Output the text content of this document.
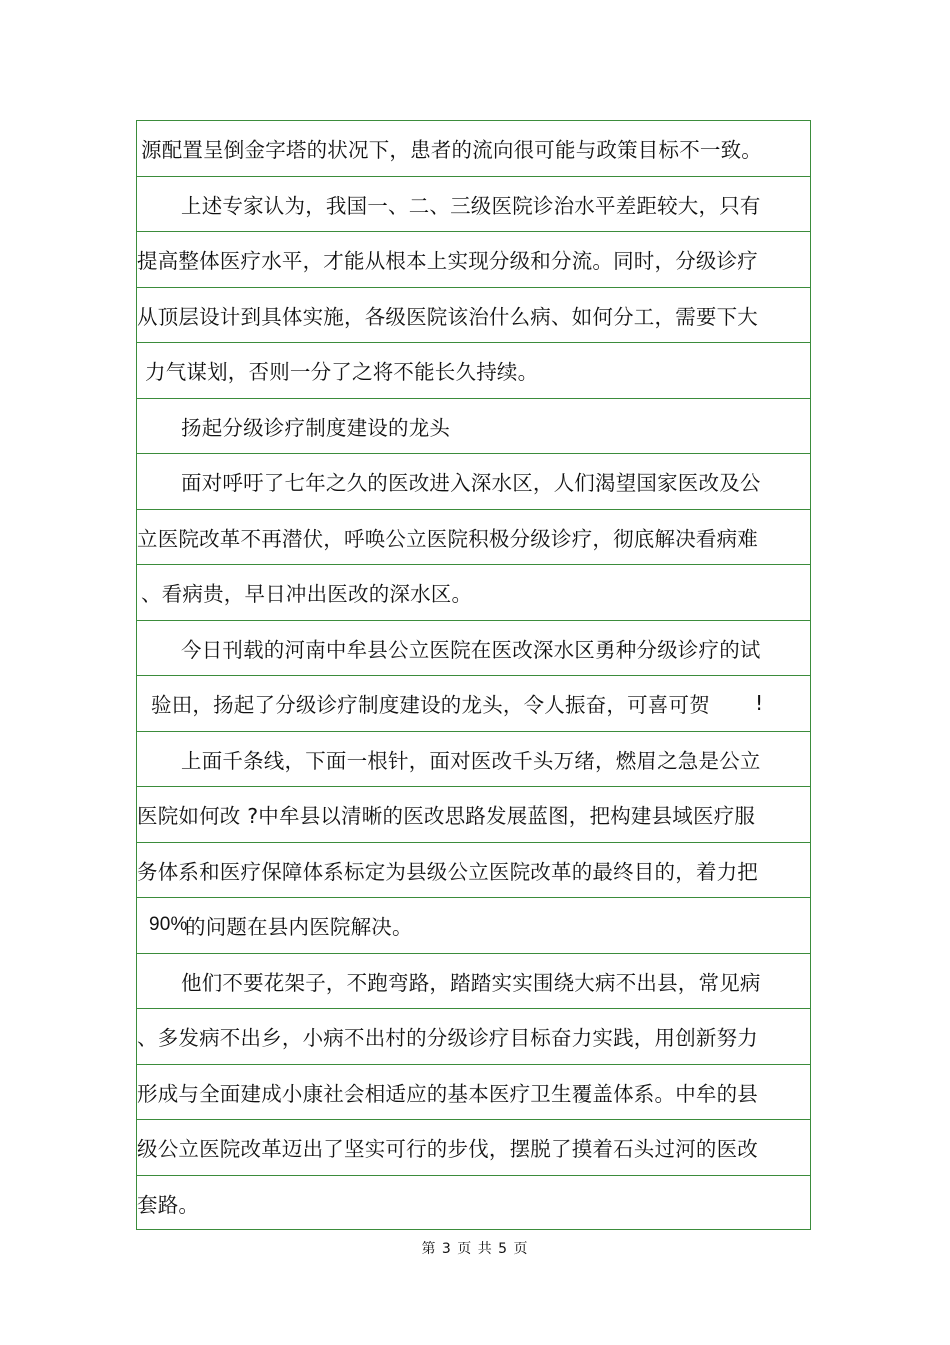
源配置呈倒金字塔的状况下，患者的流向很可能与政策目标不一致。
上述专家认为，我国一、二、三级医院诊治水平差距较大，只有
提高整体医疗水平，才能从根本上实现分级和分流。同时，分级诊疗
从顶层设计到具体实施，各级医院该治什么病、如何分工，需要下大
力气谋划，否则一分了之将不能长久持续。
扬起分级诊疗制度建设的龙头
面对呼吁了七年之久的医改进入深水区，人们渴望国家医改及公
立医院改革不再潜伏，呼唤公立医院积极分级诊疗，彻底解决看病难
、看病贵，早日冲出医改的深水区。
今日刊载的河南中牟县公立医院在医改深水区勇种分级诊疗的试
验田，扬起了分级诊疗制度建设的龙头，令人振奋，可喜可贺 !
上面千条线，下面一根针，面对医改千头万绪，燃眉之急是公立
医院如何改 ?中牟县以清晰的医改思路发展蓝图，把构建县域医疗服
务体系和医疗保障体系标定为县级公立医院改革的最终目的，着力把
90%
的问题在县内医院解决。
他们不要花架子，不跑弯路，踏踏实实围绕大病不出县，常见病
、多发病不出乡，小病不出村的分级诊疗目标奋力实践，用创新努力
形成与全面建成小康社会相适应的基本医疗卫生覆盖体系。中牟的县
级公立医院改革迈出了坚实可行的步伐，摆脱了摸着石头过河的医改
套路。
第 3 页 共 5 页
